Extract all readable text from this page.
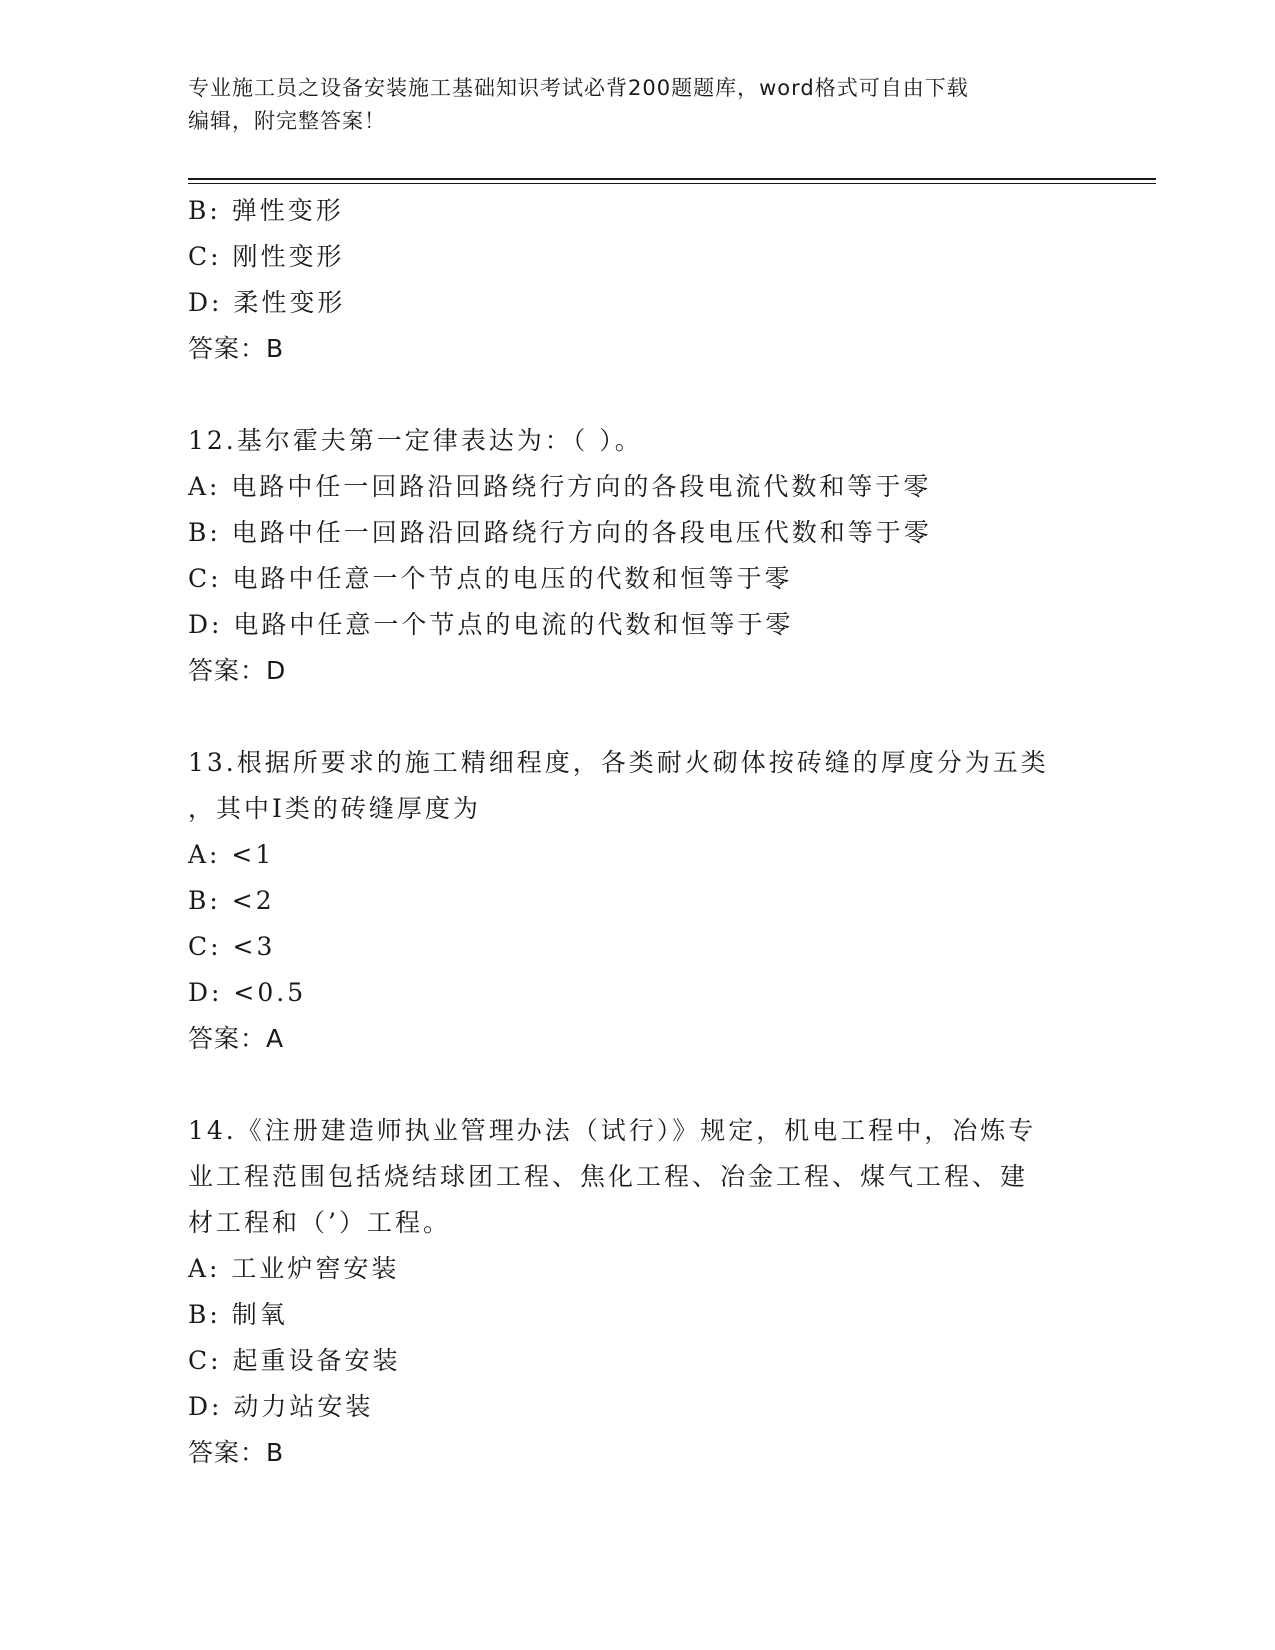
专业施工员之设备安装施工基础知识考试必背200题题库，word格式可自由下载
编辑，附完整答案！
B: 弹性变形
C: 刚性变形
D: 柔性变形
答案：B
12.基尔霍夫第一定律表达为：（ ）。
A: 电路中任一回路沿回路绕行方向的各段电流代数和等于零
B: 电路中任一回路沿回路绕行方向的各段电压代数和等于零
C: 电路中任意一个节点的电压的代数和恒等于零
D: 电路中任意一个节点的电流的代数和恒等于零
答案：D
13.根据所要求的施工精细程度，各类耐火砌体按砖缝的厚度分为五类
，其中Ⅰ类的砖缝厚度为
A: <1
B: <2
C: <3
D: <0.5
答案：A
14.《注册建造师执业管理办法（试行）》规定，机电工程中，冶炼专
业工程范围包括烧结球团工程、焦化工程、冶金工程、煤气工程、建
材工程和（’）工程。
A: 工业炉窖安装
B: 制氧
C: 起重设备安装
D: 动力站安装
答案：B
